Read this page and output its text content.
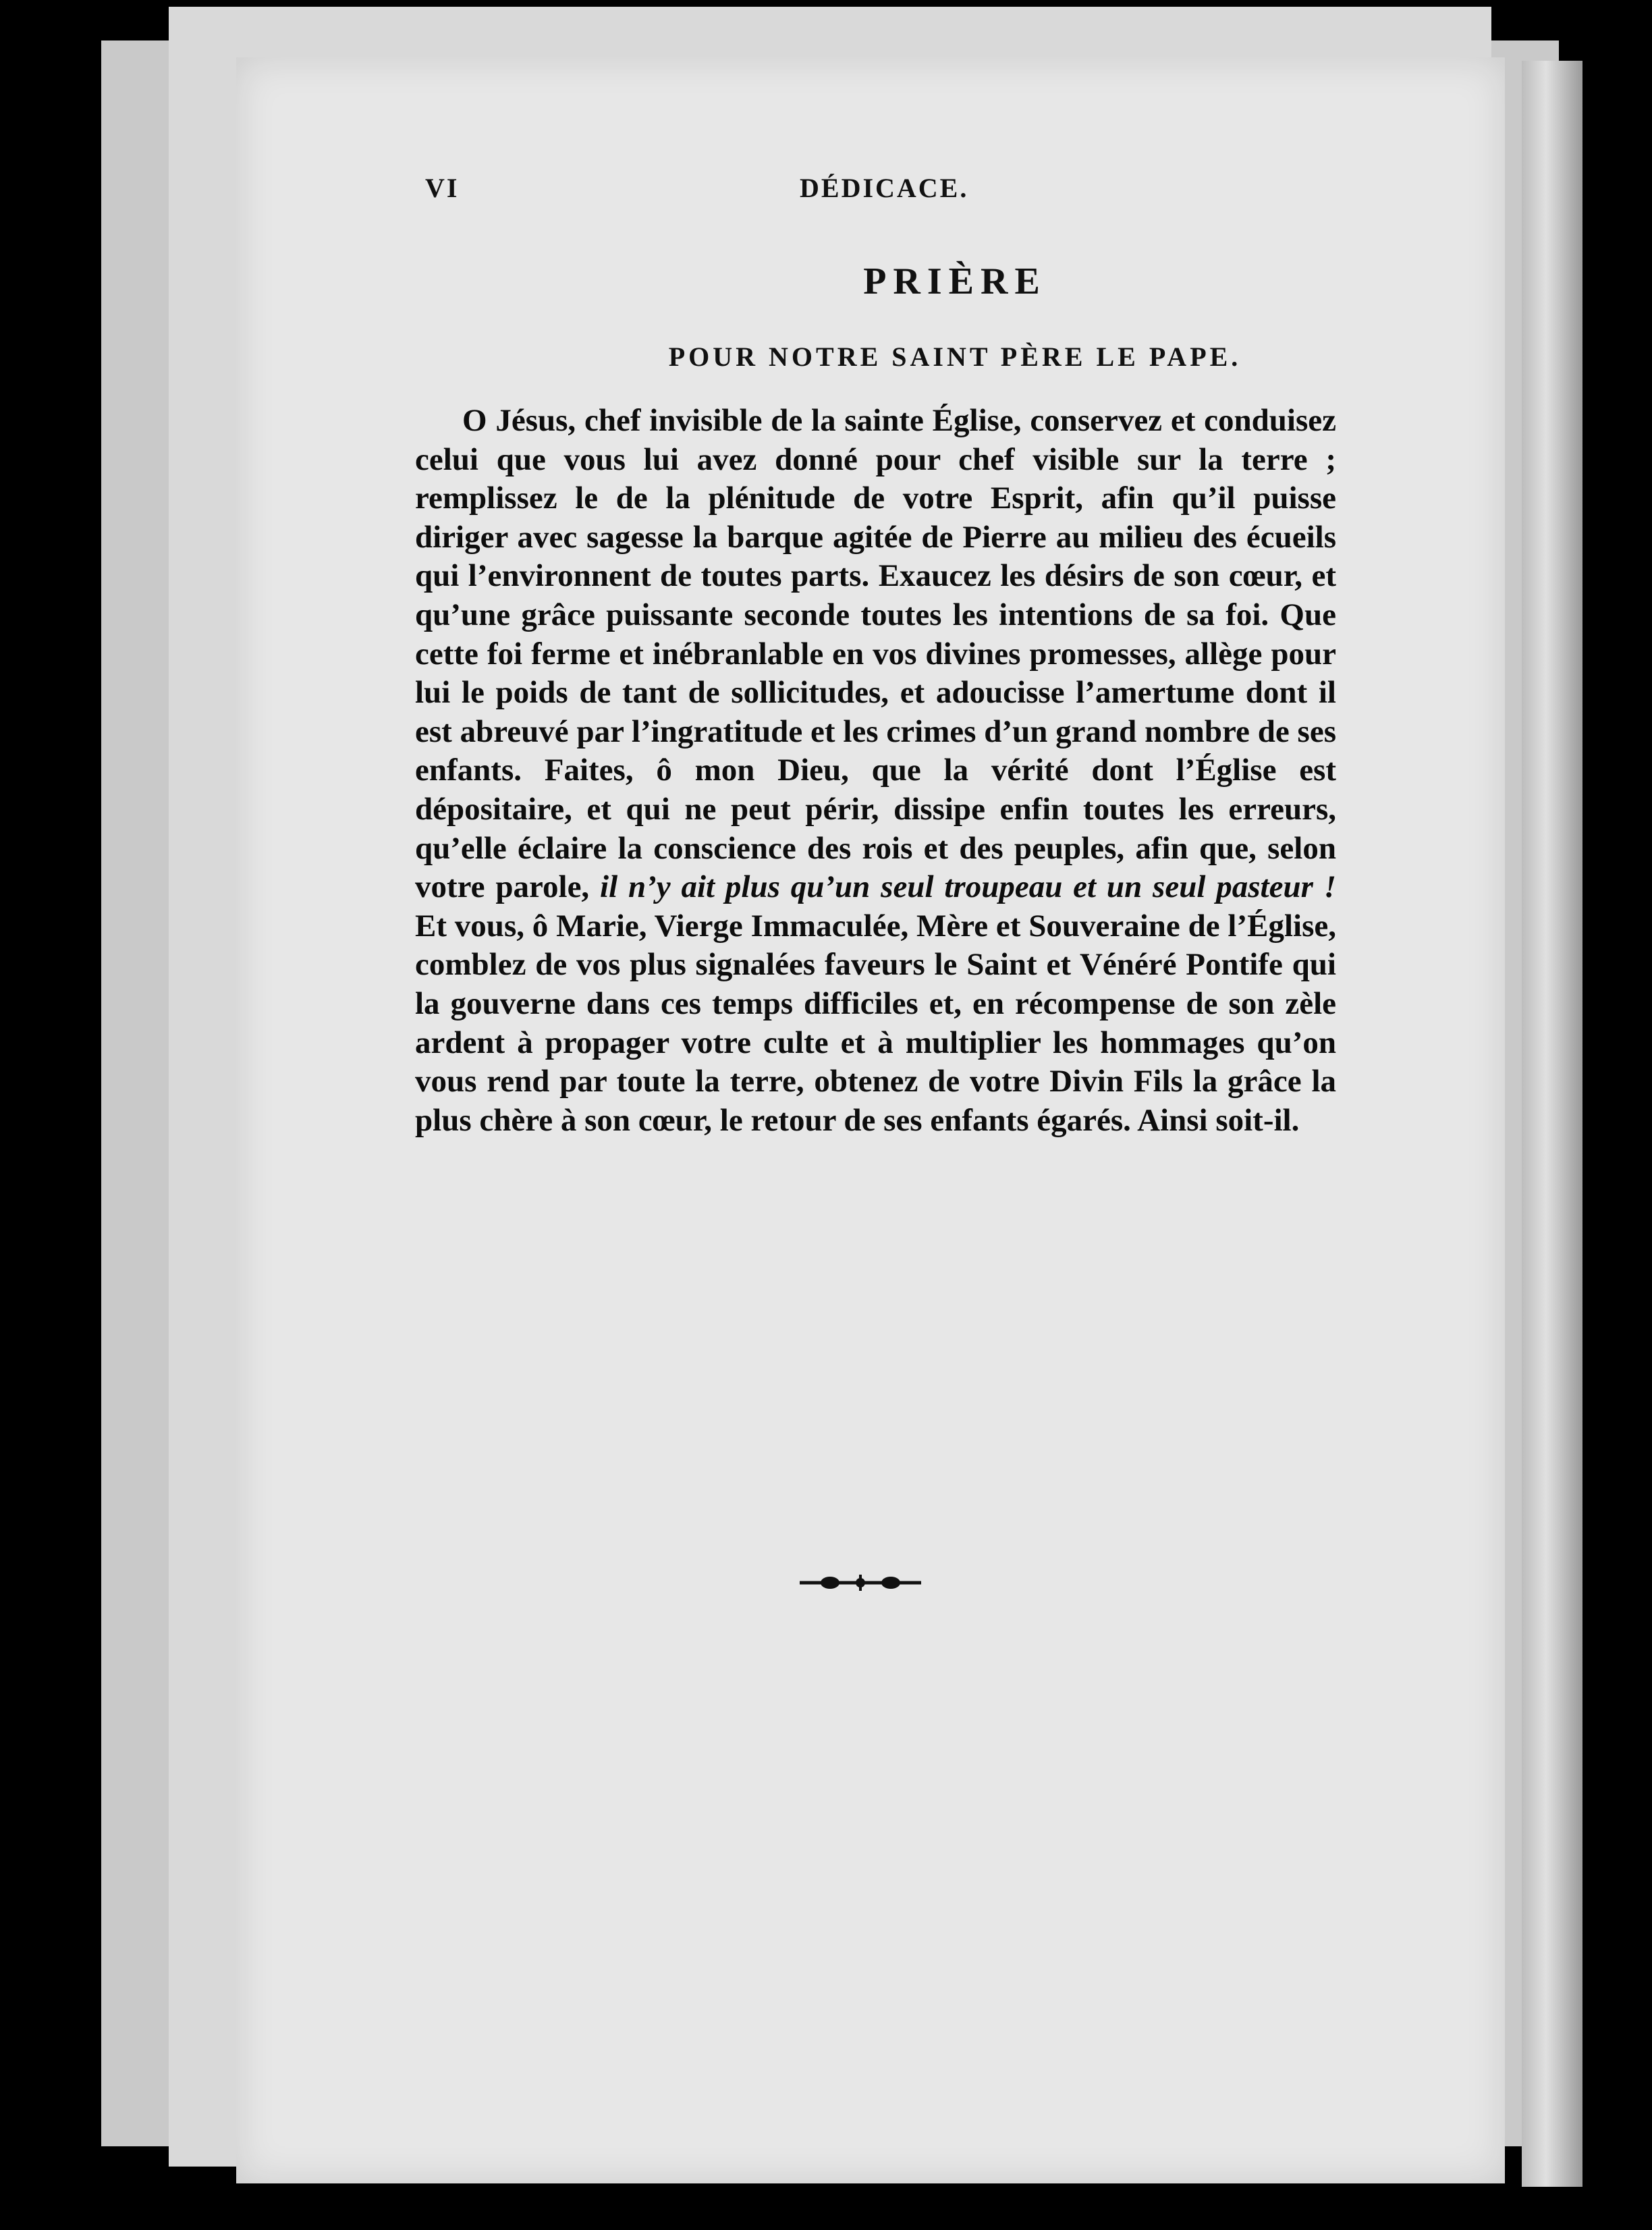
VI	DÉDICACE.
PRIÈRE
POUR NOTRE SAINT PÈRE LE PAPE.

O Jésus, chef invisible de la sainte Église, conservez et conduisez celui que vous lui avez donné pour chef visible sur la terre ; remplissez le de la plénitude de votre Esprit, afin qu’il puisse diriger avec sagesse la barque agitée de Pierre au milieu des écueils qui l’environnent de toutes parts. Exaucez les désirs de son cœur, et qu’une grâce puissante seconde toutes les intentions de sa foi. Que cette foi ferme et inébranlable en vos divines promesses, allège pour lui le poids de tant de sollicitudes, et adoucisse l’amertume dont il est abreuvé par l’ingratitude et les crimes d’un grand nombre de ses enfants. Faites, ô mon Dieu, que la vérité dont l’Église est dépositaire, et qui ne peut périr, dissipe enfin toutes les erreurs, qu’elle éclaire la conscience des rois et des peuples, afin que, selon votre parole, il n’y ait plus qu’un seul troupeau et un seul pasteur ! Et vous, ô Marie, Vierge Immaculée, Mère et Souveraine de l’Église, comblez de vos plus signalées faveurs le Saint et Vénéré Pontife qui la gouverne dans ces temps difficiles et, en récompense de son zèle ardent à propager votre culte et à multiplier les hommages qu’on vous rend par toute la terre, obtenez de votre Divin Fils la grâce la plus chère à son cœur, le retour de ses enfants égarés. Ainsi soit-il.
